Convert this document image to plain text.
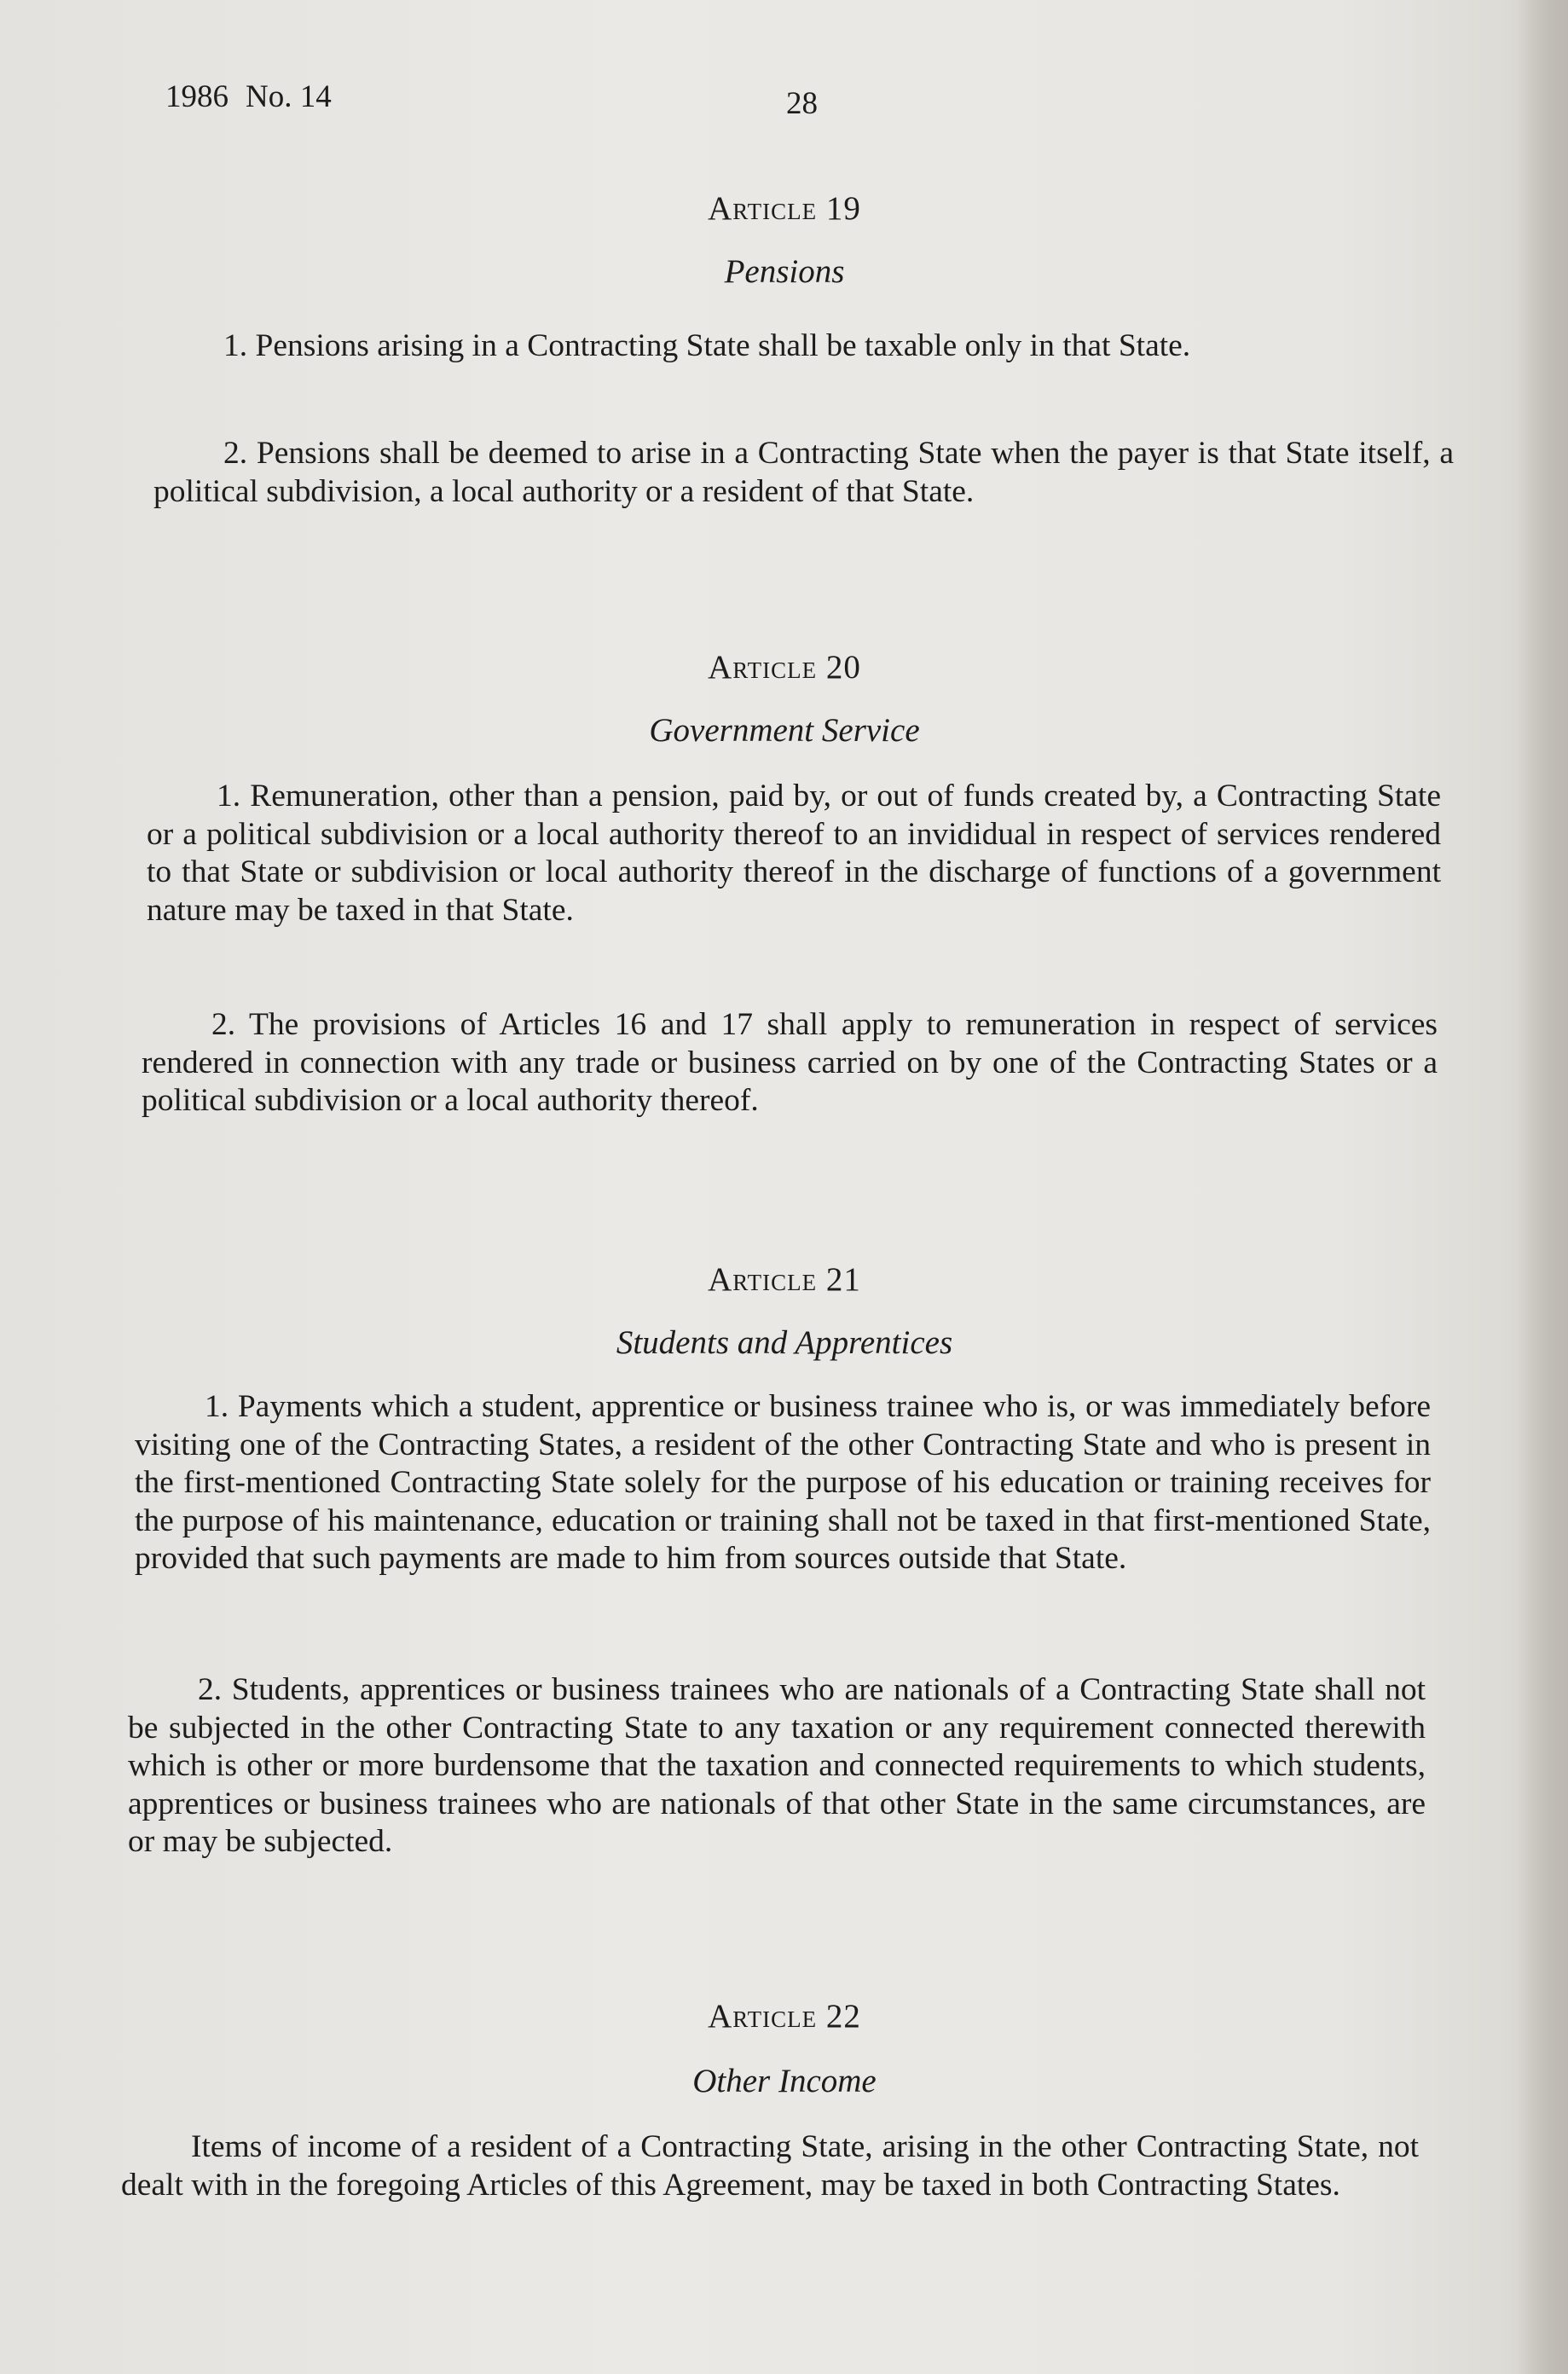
1986 No. 14	28
Article 19
Pensions

1. Pensions arising in a Contracting State shall be taxable only in that State.

2. Pensions shall be deemed to arise in a Contracting State when the payer is that State itself, a political subdivision, a local authority or a resident of that State.

Article 20
Government Service

1. Remuneration, other than a pension, paid by, or out of funds created by, a Contracting State or a political subdivision or a local authority thereof to an invididual in respect of services rendered to that State or subdivision or local authority thereof in the discharge of functions of a government nature may be taxed in that State.

2. The provisions of Articles 16 and 17 shall apply to remuneration in respect of services rendered in connection with any trade or business carried on by one of the Contracting States or a political subdivision or a local authority thereof.

Article 21
Students and Apprentices

1. Payments which a student, apprentice or business trainee who is, or was immediately before visiting one of the Contracting States, a resident of the other Contracting State and who is present in the first-mentioned Contracting State solely for the purpose of his education or training receives for the purpose of his maintenance, education or training shall not be taxed in that first-mentioned State, provided that such payments are made to him from sources outside that State.

2. Students, apprentices or business trainees who are nationals of a Contracting State shall not be subjected in the other Contracting State to any taxation or any requirement connected therewith which is other or more burdensome that the taxation and connected requirements to which students, apprentices or business trainees who are nationals of that other State in the same circumstances, are or may be subjected.

Article 22
Other Income

Items of income of a resident of a Contracting State, arising in the other Contracting State, not dealt with in the foregoing Articles of this Agreement, may be taxed in both Contracting States.
